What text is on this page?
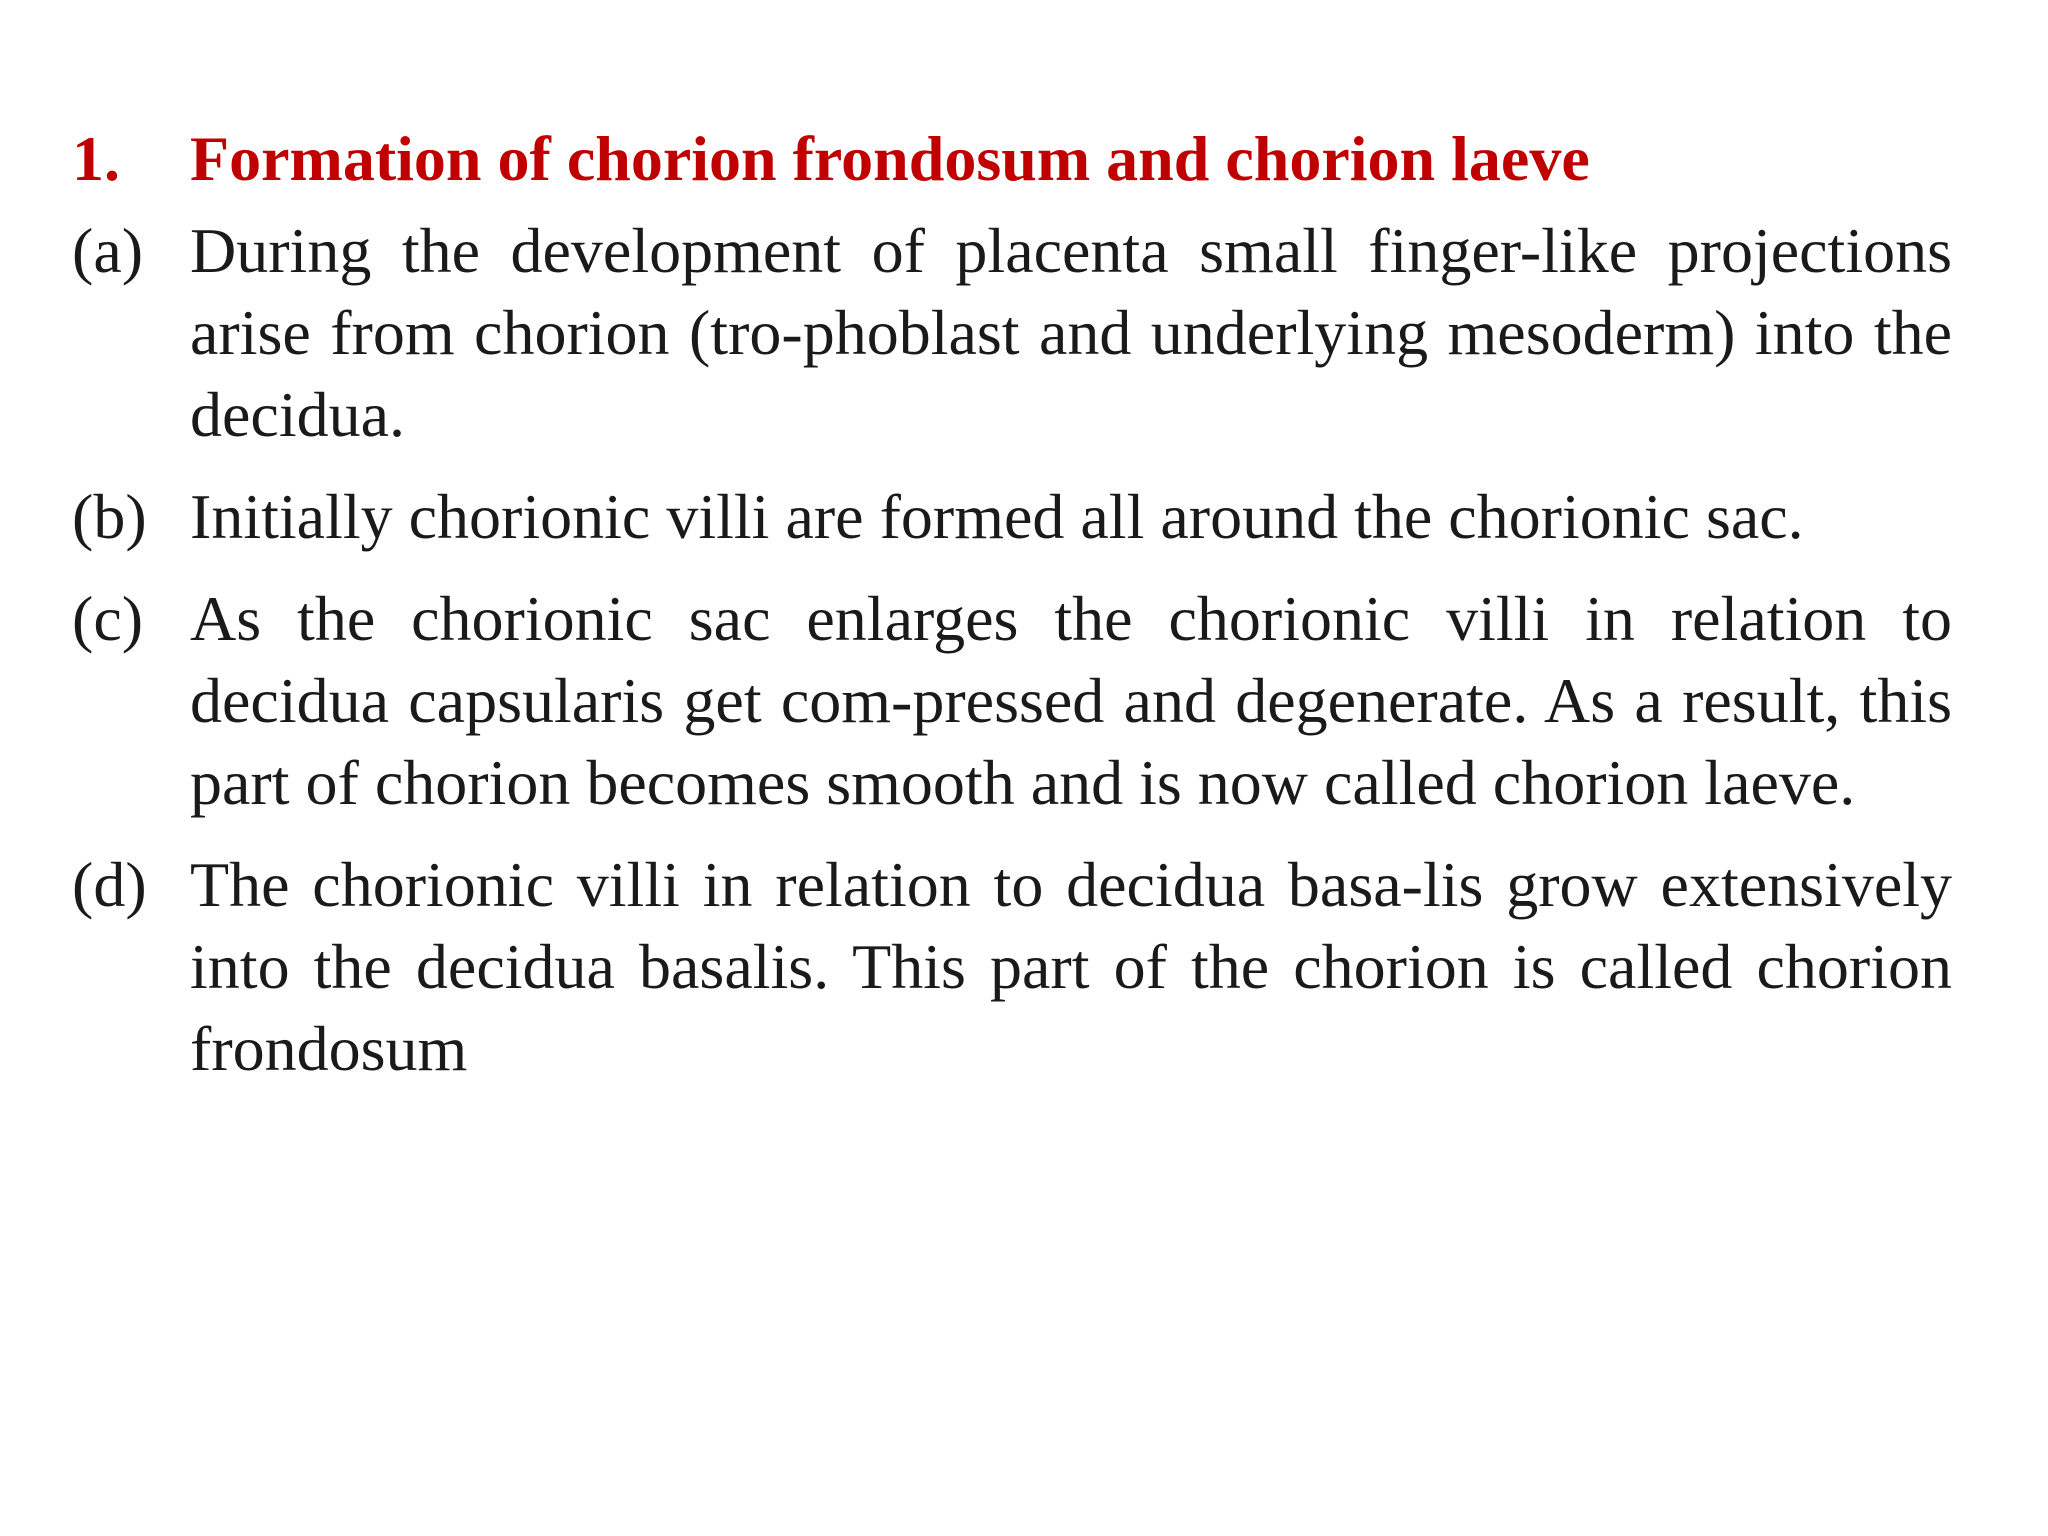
1.	Formation of chorion frondosum and chorion laeve
(a) During the development of placenta small finger-like projections arise from chorion (tro-phoblast and underlying mesoderm) into the decidua.
(b) Initially chorionic villi are formed all around the chorionic sac.
(c) As the chorionic sac enlarges the chorionic villi in relation to decidua capsularis get com-pressed and degenerate. As a result, this part of chorion becomes smooth and is now called chorion laeve.
(d) The chorionic villi in relation to decidua basa-lis grow extensively into the decidua basalis. This part of the chorion is called chorion frondosum
